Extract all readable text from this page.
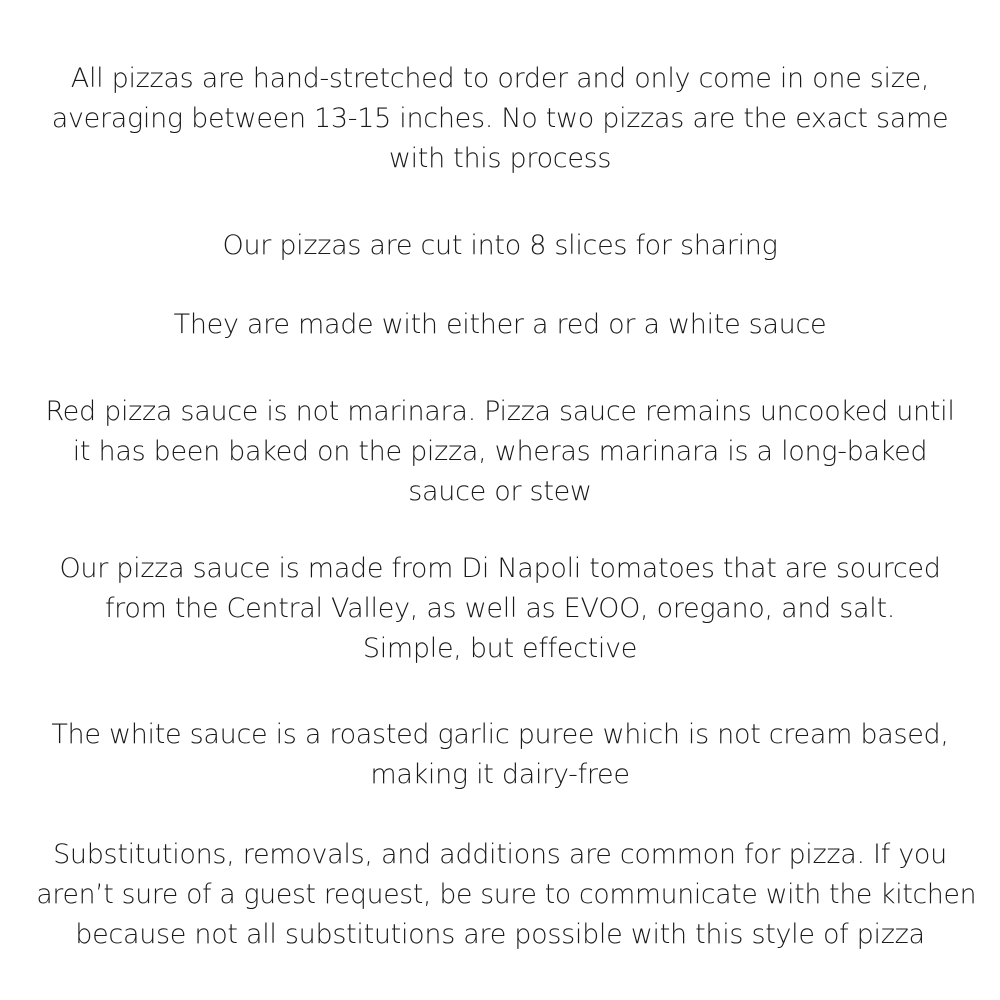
All pizzas are hand-stretched to order and only come in one size,
averaging between 13-15 inches. No two pizzas are the exact same
with this process

Our pizzas are cut into 8 slices for sharing

They are made with either a red or a white sauce

Red pizza sauce is not marinara. Pizza sauce remains uncooked until
it has been baked on the pizza, wheras marinara is a long-baked
sauce or stew

Our pizza sauce is made from Di Napoli tomatoes that are sourced
from the Central Valley, as well as EVOO, oregano, and salt.
Simple, but effective

The white sauce is a roasted garlic puree which is not cream based,
making it dairy-free

Substitutions, removals, and additions are common for pizza. If you
aren’t sure of a guest request, be sure to communicate with the kitchen
because not all substitutions are possible with this style of pizza
